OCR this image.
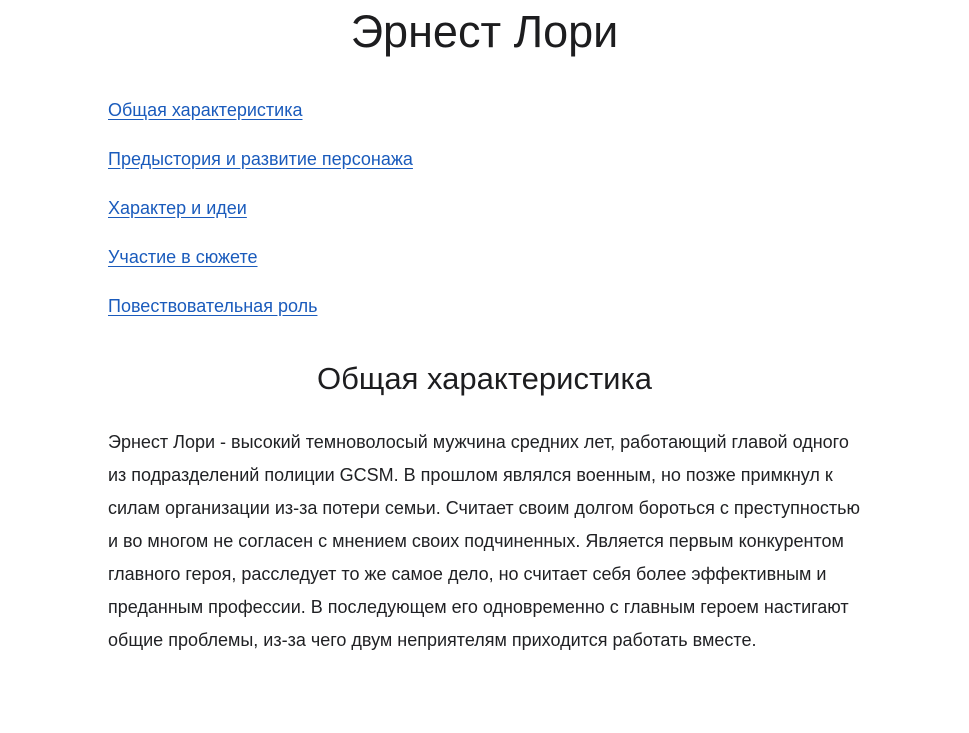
Эрнест Лори
Общая характеристика
Предыстория и развитие персонажа
Характер и идеи
Участие в сюжете
Повествовательная роль
Общая характеристика

Эрнест Лори - высокий темноволосый мужчина средних лет, работающий главой одного из подразделений полиции GCSM. В прошлом являлся военным, но позже примкнул к силам организации из-за потери семьи. Считает своим долгом бороться с преступностью и во многом не согласен с мнением своих подчиненных. Является первым конкурентом главного героя, расследует то же самое дело, но считает себя более эффективным и преданным профессии. В последующем его одновременно с главным героем настигают общие проблемы, из-за чего двум неприятелям приходится работать вместе.
